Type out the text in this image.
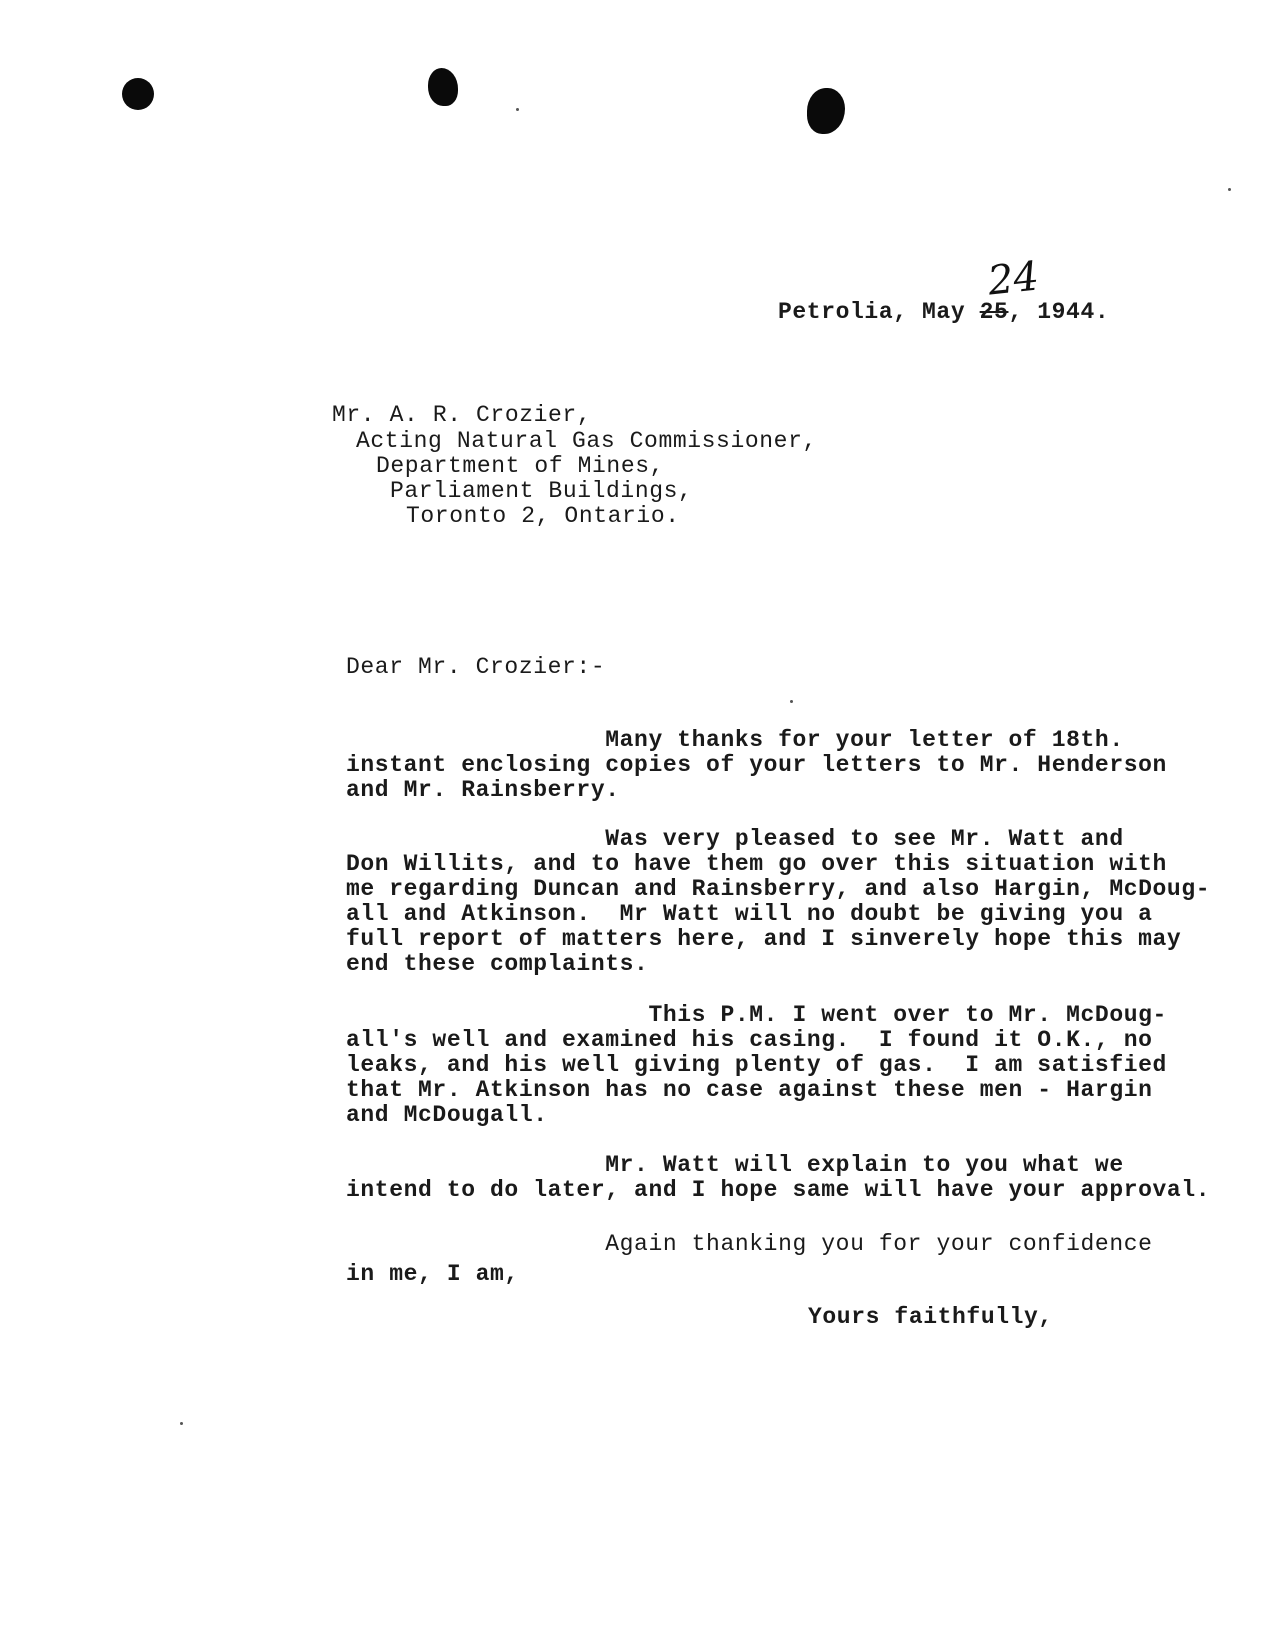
Petrolia, May 25, 1944.
24
Mr. A. R. Crozier,
Acting Natural Gas Commissioner,
Department of Mines,
Parliament Buildings,
Toronto 2, Ontario.
Dear Mr. Crozier:-
Many thanks for your letter of 18th.
instant enclosing copies of your letters to Mr. Henderson
and Mr. Rainsberry.
Was very pleased to see Mr. Watt and
Don Willits, and to have them go over this situation with
me regarding Duncan and Rainsberry, and also Hargin, McDoug-
all and Atkinson.  Mr Watt will no doubt be giving you a
full report of matters here, and I sinverely hope this may
end these complaints.
This P.M. I went over to Mr. McDoug-
all's well and examined his casing.  I found it O.K., no
leaks, and his well giving plenty of gas.  I am satisfied
that Mr. Atkinson has no case against these men - Hargin
and McDougall.
Mr. Watt will explain to you what we
intend to do later, and I hope same will have your approval.
Again thanking you for your confidence
in me, I am,
Yours faithfully,
